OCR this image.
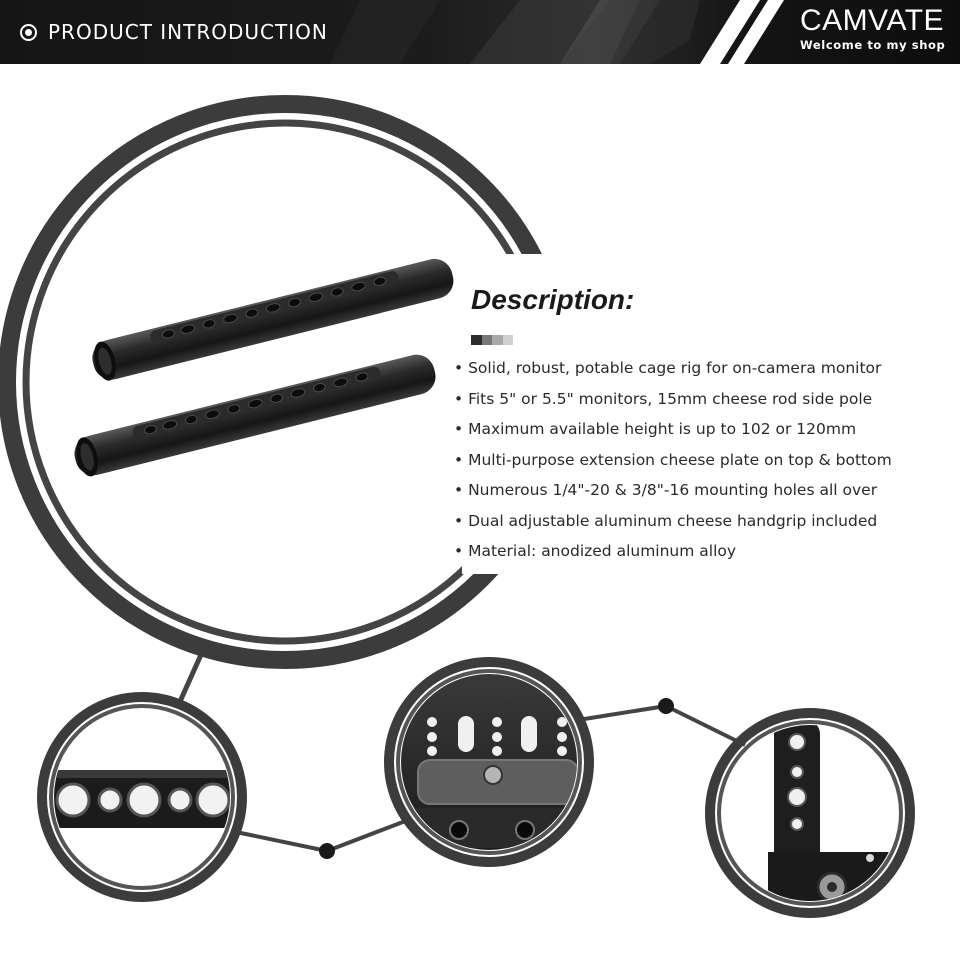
PRODUCT INTRODUCTION	CAMVATE
Welcome to my shop
Description:
• Solid, robust, potable cage rig for on-camera monitor
• Fits 5" or 5.5" monitors, 15mm cheese rod side pole
• Maximum available height is up to 102 or 120mm
• Multi-purpose extension cheese plate on top & bottom
• Numerous 1/4"-20 & 3/8"-16 mounting holes all over
• Dual adjustable aluminum cheese handgrip included
• Material: anodized aluminum alloy
